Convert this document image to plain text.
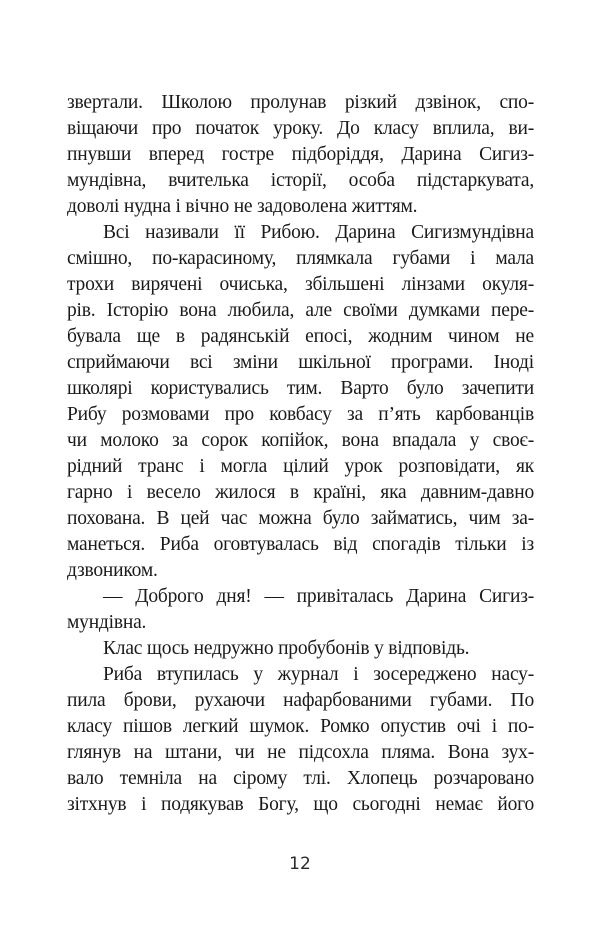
звертали. Школою пролунав різкий дзвінок, спо-
віщаючи про початок уроку. До класу вплила, ви-
пнувши вперед гостре підборіддя, Дарина Сигиз-
мундівна, вчителька історії, особа підстаркувата,
доволі нудна і вічно не задоволена життям.
Всі називали її Рибою. Дарина Сигизмундівна
смішно, по-карасиному, плямкала губами і мала
трохи вирячені очиська, збільшені лінзами окуля-
рів. Історію вона любила, але своїми думками пере-
бувала ще в радянській епосі, жодним чином не
сприймаючи всі зміни шкільної програми. Іноді
школярі користувались тим. Варто було зачепити
Рибу розмовами про ковбасу за п’ять карбованців
чи молоко за сорок копійок, вона впадала у своє-
рідний транс і могла цілий урок розповідати, як
гарно і весело жилося в країні, яка давним-давно
похована. В цей час можна було займатись, чим за-
манеться. Риба оговтувалась від спогадів тільки із
дзвоником.
— Доброго дня! — привіталась Дарина Сигиз-
мундівна.
Клас щось недружно пробубонів у відповідь.
Риба втупилась у журнал і зосереджено насу-
пила брови, рухаючи нафарбованими губами. По
класу пішов легкий шумок. Ромко опустив очі і по-
глянув на штани, чи не підсохла пляма. Вона зух-
вало темніла на сірому тлі. Хлопець розчаровано
зітхнув і подякував Богу, що сьогодні немає його
12
